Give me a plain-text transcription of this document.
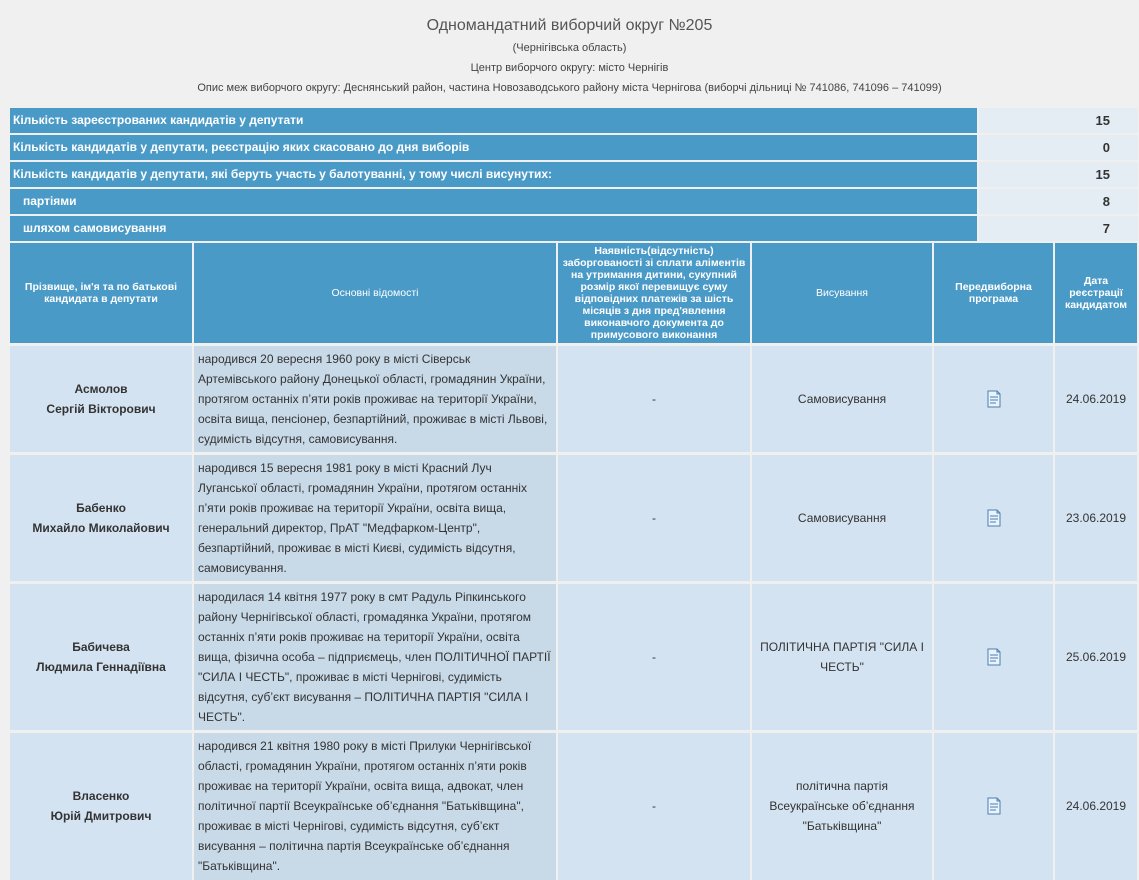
Одномандатний виборчий округ №205
(Чернігівська область)
Центр виборчого округу: місто Чернігів
Опис меж виборчого округу: Деснянський район, частина Новозаводського району міста Чернігова (виборчі дільниці № 741086, 741096 – 741099)
Кількість зареєстрованих кандидатів у депутати	15
Кількість кандидатів у депутати, реєстрацію яких скасовано до дня виборів	0
Кількість кандидатів у депутати, які беруть участь у балотуванні, у тому числі висунутих:	15
партіями	8
шляхом самовисування	7
Прізвище, ім'я та по батькові кандидата в депутати	Основні відомості	Наявність(відсутність) заборгованості зі сплати аліментів на утримання дитини, сукупний розмір якої перевищує суму відповідних платежів за шість місяців з дня пред'явлення виконавчого документа до примусового виконання	Висування	Передвиборна програма	Дата реєстрації кандидатом

Асмолов
Сергій Вікторович	народився 20 вересня 1960 року в місті Сіверськ Артемівського району Донецької області, громадянин України, протягом останніх п’яти років проживає на території України, освіта вища, пенсіонер, безпартійний, проживає в місті Львові, судимість відсутня, самовисування.	-	Самовисування		24.06.2019

Бабенко
Михайло Миколайович	народився 15 вересня 1981 року в місті Красний Луч Луганської області, громадянин України, протягом останніх п’яти років проживає на території України, освіта вища, генеральний директор, ПрАТ "Медфарком-Центр", безпартійний, проживає в місті Києві, судимість відсутня, самовисування.	-	Самовисування		23.06.2019

Бабичева
Людмила Геннадіївна	народилася 14 квітня 1977 року в смт Радуль Ріпкинського району Чернігівської області, громадянка України, протягом останніх п’яти років проживає на території України, освіта вища, фізична особа – підприємець, член ПОЛІТИЧНОЇ ПАРТІЇ "СИЛА І ЧЕСТЬ", проживає в місті Чернігові, судимість відсутня, суб’єкт висування – ПОЛІТИЧНА ПАРТІЯ "СИЛА І ЧЕСТЬ".	-	ПОЛІТИЧНА ПАРТІЯ "СИЛА І ЧЕСТЬ"		25.06.2019

Власенко
Юрій Дмитрович	народився 21 квітня 1980 року в місті Прилуки Чернігівської області, громадянин України, протягом останніх п’яти років проживає на території України, освіта вища, адвокат, член політичної партії Всеукраїнське об’єднання "Батьківщина", проживає в місті Чернігові, судимість відсутня, суб’єкт висування – політична партія Всеукраїнське об’єднання "Батьківщина".	-	політична партія Всеукраїнське об’єднання "Батьківщина"		24.06.2019
